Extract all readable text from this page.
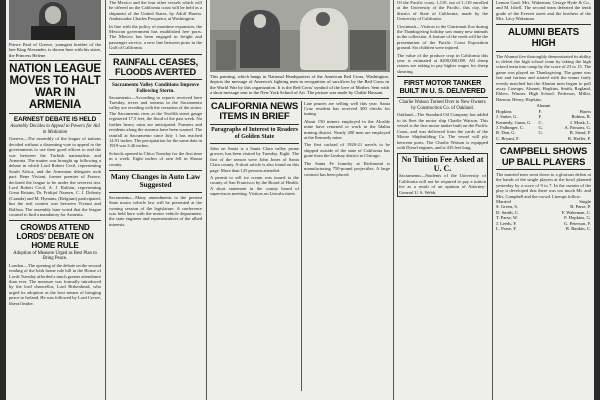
Prince Paul of Greece, youngest brother of the late King Alexander, is shown here with his sister, the Princess Helene.
NATION LEAGUE MOVES TO HALT WAR IN ARMENIA
EARNEST DEBATE IS HELD
Assembly Decides to Appeal to Powers for Aid in Mediation
Geneva—The assembly of the league of nations decided without a dissenting vote to appeal to the governments to use their good offices to end the war between the Turkish nationalists and Armenia. The matter was brought up following a debate in which Lord Robert Cecil, representing South Africa, and the Armenian delegates took part. Rene Viviani, former premier of France, declared the league to be under the severest test. Lord Robert Cecil, A. J. Balfour, representing Great Britain; Dr. Fridtjof Nansen, C. J. Doherty (Canada) and M. Hymans, (Belgium) participated, but the real contest was between Viviani and Balfour. The assembly later voted that the league counsel to find a mandatory for Armenia.
CROWDS ATTEND LORDS' DEBATE ON HOME RULE
Adoption of Measure Urged as Best Plan to Bring Peace.
London—The opening of the debate on the second reading of the Irish home rule bill in the House of Lords Tuesday afforded a much greater attendance than ever. The measure was formally introduced by the lord chancellor, Lord Birkenhead, who urged its adoption as the best means of bringing peace to Ireland. He was followed by Lord Crewe, liberal leader.
The Mexico and the four other vessels which will be offered on the California coast will be held as a shipment of the United States, by Adolf Huerta. Ambassador Charles Pesqueira, at Washington.
In line with the policy of maritime expansion, the Mexican government has established free ports. The Mexico has been engaged in freight and passenger service, a new line between ports in the Gulf of California.
RAINFALL CEASES, FLOODS AVERTED
Sacramento Valley Conditions Improve Following Storm.
Sacramento—According to reports received here Tuesday, rivers and streams in the Sacramento valley are receding with the cessation of the storm. The Sacramento river at the Twelfth street gauge registered 17.5 feet, the flood of the past week. No further heavy rains are anticipated. Farmers and residents along the streams have been warned. The rainfall at Sacramento since July 1 has reached 14.91 inches. The precipitation for the same date in 1919 was 3.46 inches.
Schools opened in Chico Tuesday for the first time in a week. Eight inches of rain fell in Shasta county.
Many Changes in Auto Law Suggested
Sacramento—Many amendments to the present State motor vehicle law will be presented at the coming session of the legislature. A conference was held here with the motor vehicle department, the state engineer and representatives of the allied interests.
This painting, which hangs in National Headquarters of the American Red Cross, Washington, depicts the message of America's fighting men in recognition of sacrifices by the Red Cross in the World War by this organization. It is the Red Cross' symbol of the love of Mother. Sent with a short message sent to the New York School of Art. The picture was made by Childe Hassam.
CALIFORNIA NEWS ITEMS IN BRIEF
Paragraphs of Interest to Readers of Golden State
John on Santa is a Santa Clara valley prune grower, has been visited by Tuesday. Eight. The first of the season were John Jones of Santa Clara county. A short article is also found on this page. More than 125 persons attended.
A permit to sell ice cream was issued to the county of San Francisco by the Board of Health. A short statement in the county board of supervisors meeting. Visitors on Lincoln street.
Late prunes are selling well this year. Santa Cruz resident has received 300 checks for tuning.
About 150 miners employed in the Alcalde mine have returned to work in the Idalita mining district. Nearly 200 men are employed at the Kennedy mine.
The first carload of 1920-21 navels to be shipped outside of the state of California has gone from the Lindsay district to Chicago.
The Santa Fe foundry at Richmond is manufacturing 750-pound projectiles. A large contract has been placed.
Of the Pacific coast, 1,110, out of 1,110 enrolled at the University of the Pacific, this city, the district of State of California, made by the University of California.
Cincinnati—Visitors to the Cincinnati Zoo during the Thanksgiving holiday saw many new animals in the collection. A feature of the week will be the presentation of the Pacific Coast Exposition ground. Six children were injured.
The value of the produce crop in California this year is estimated at $200,000,000. All sheep raisers are asking to pay higher wages for sheep shearing.
FIRST MOTOR TANKER BUILT IN U. S. DELIVERED
Charlie Watson Turned Over to New Owners by Construction Co. of Oakland.
Oakland—The Standard Oil Company has added to its fleet the motor ship Charlie Watson. This vessel is the first motor tanker built on the Pacific Coast, and was delivered from the yards of the Moore Shipbuilding Co. The vessel will ply between ports. The Charlie Watson is equipped with Diesel engines, and is 435 feet long.
No Tuition Fee Asked at U. C.
Sacramento—Students of the University of California will not be required to pay a tuition fee as a result of an opinion of Attorney-General U. S. Webb.
Lemon Gard, Mrs. Wakeman, George Hyde & Co., and M. Ishell. The second team defeated the tenth grade of the Everett street and the brothers of the Mrs. Lacy Wakeman.
ALUMNI BEATS HIGH
The Alumni five thoroughly demonstrated its ability to defeat the high school team by taking the high school team into camp by the score of 23 to 15. The game was played on Thanksgiving. The game was fast and furious and started with the teams fairly evenly matched but the Alumni men began to pull away. Lineups: Alumni, Hopkins, Smith, Ragland, Ehlers, Winner. High School: Pederson, Miller, Hanson, Henry, Hopkins.
Alumni
Hopkins	F.	Harris
J. Sutter, G.	F.	Robins, R.
Kennedy, Gunn, G.	C.	J. Moak, L.
J. Falbinger, C.	G.	A. Parsons, G.
R. Dan, G.	G.	B. Stead, F.
C. Bryant, F.	R. Hoffer, F.
CAMPBELL SHOWS UP BALL PLAYERS
The married men went down to a glorious defeat at the hands of the single players at the bowl planned yesterday by a score of 9 to 7. In the curtain of the play it developed that there was too much Mr. and Mrs. Campbell and the crowd. Lineups follow:
Married	Single
S. Green, S.	R. Parse, P.
D. Smith, C.	F. Wakeman, C.
T. Parse, W.	F. Hopkins, G.
J. Leeds, F.	G. Peterson, F.
L. Parse, F.	R. Rankin, C.
